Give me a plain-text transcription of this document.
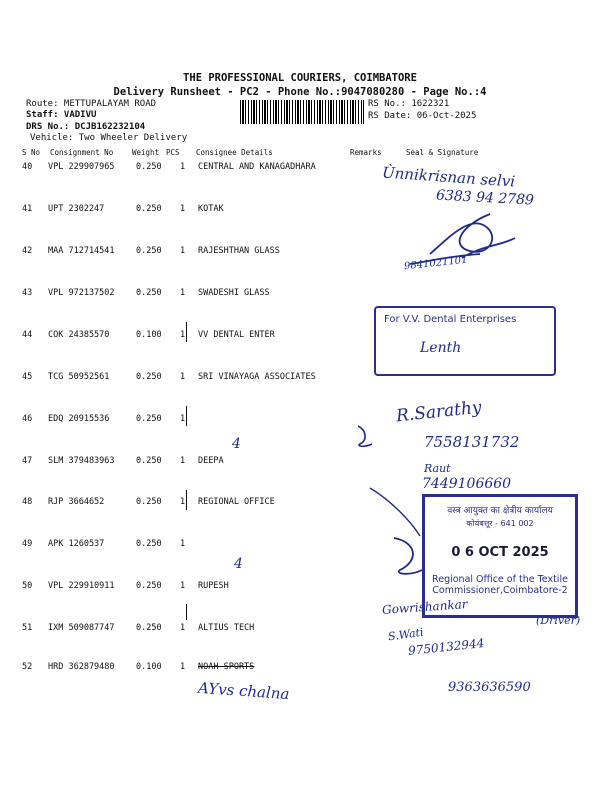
THE PROFESSIONAL COURIERS, COIMBATORE
Delivery Runsheet - PC2 - Phone No.:9047080280 - Page No.:4
Route: METTUPALAYAM ROAD
Staff: VADIVU
DRS No.: DCJB162232104
Vehicle: Two Wheeler Delivery
RS No.: 1622321
RS Date: 06-Oct-2025
S No Consignment No	Weight PCS Consignee Details	Remarks	Seal & Signature
40 VPL 229907965	0.250 1 CENTRAL AND KANAGADHARA
41 UPT 2302247	0.250 1 KOTAK
42 MAA 712714541	0.250 1 RAJESHTHAN GLASS
43 VPL 972137502	0.250 1 SWADESHI GLASS
44 COK 24385570	0.100 1 VV DENTAL ENTER
45 TCG 50952561	0.250 1 SRI VINAYAGA ASSOCIATES
46 EDQ 20915536	0.250 1
47 SLM 379483963	0.250 1 DEEPA
48 RJP 3664652	0.250 1 REGIONAL OFFICE
49 APK 1260537	0.250 1
50 VPL 229910911	0.250 1 RUPESH
51 IXM 509087747	0.250 1 ALTIUS TECH
52 HRD 362879480	0.100 1 NOAH SPORTS
Ùnnikrisnan selvi
6383 94 2789
9841021101
Lenth
R.Sarathy
7558131732
Raut
7449106660
Gowrishankar
S.Wati
9750132944
(Driver)
AYvs chalna	9363636590
4
4
For V.V. Dental Enterprises
वस्त्र आयुक्त का क्षेत्रीय कार्यालय
कोयंबत्तूर - 641 002
0 6 OCT 2025
Regional Office of the Textile
Commissioner,Coimbatore-2
